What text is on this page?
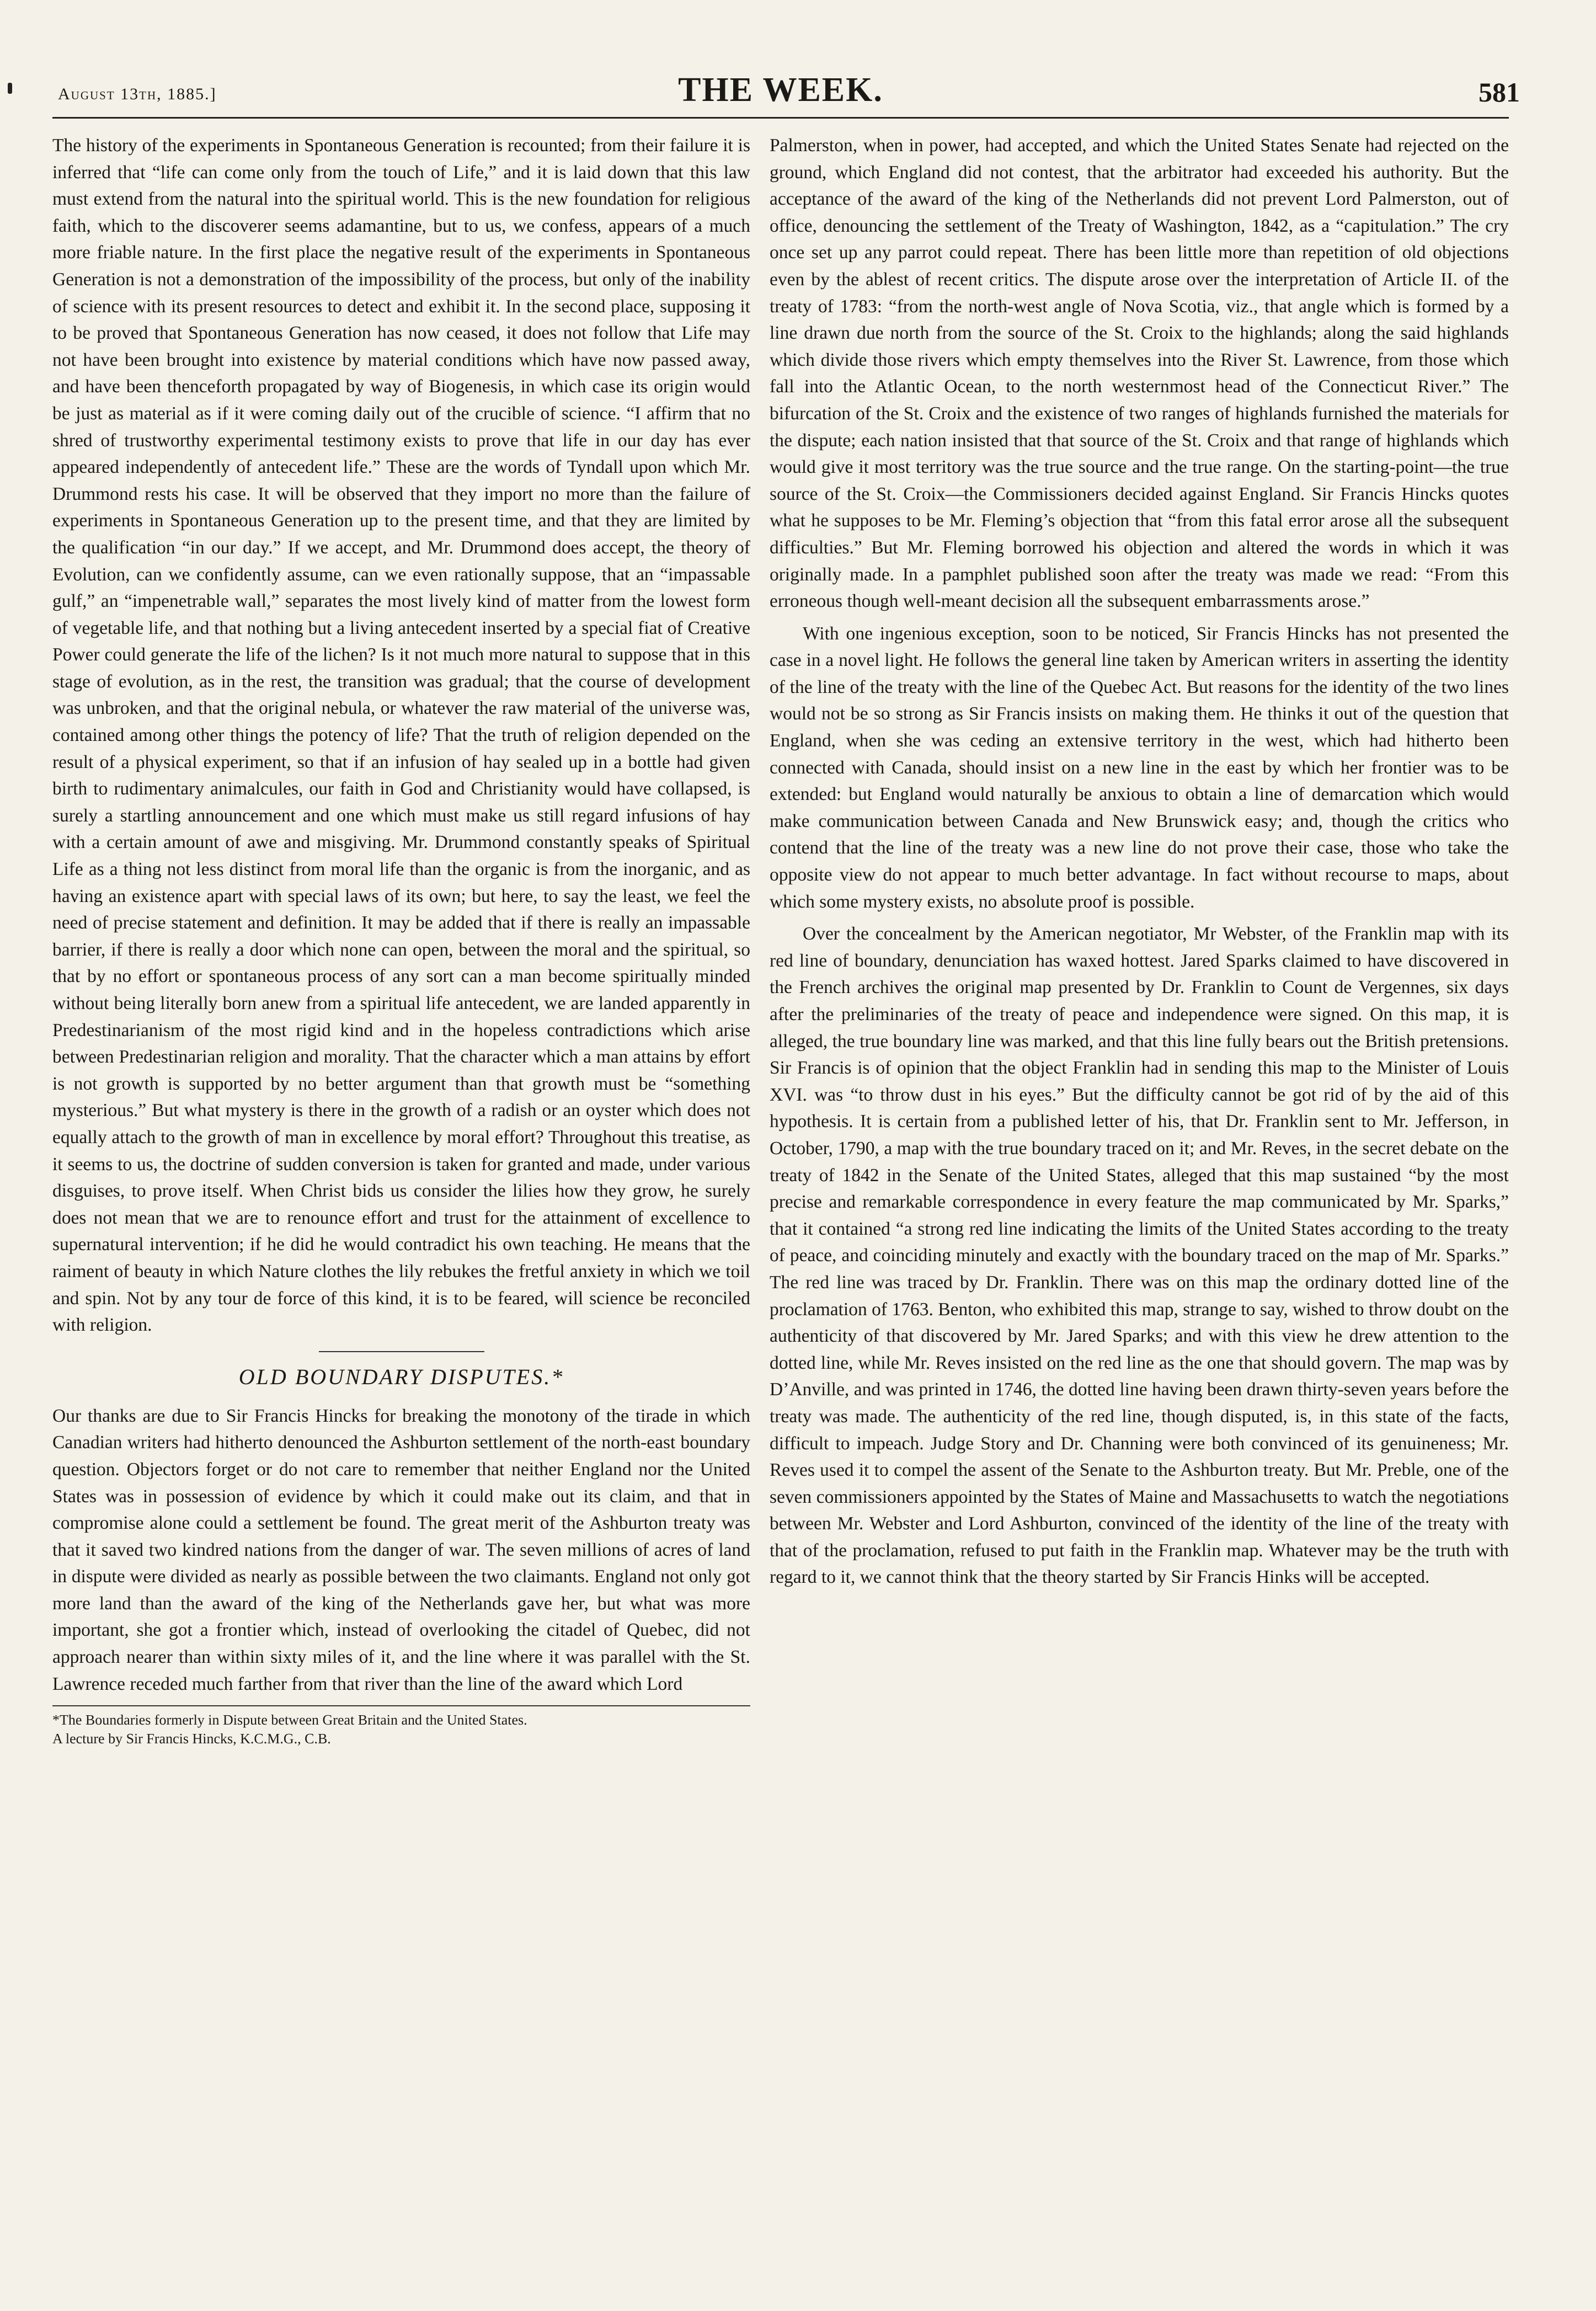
August 13th, 1885.]	THE WEEK.	581

The history of the experiments in Spontaneous Generation is recounted; from their failure it is inferred that “life can come only from the touch of Life,” and it is laid down that this law must extend from the natural into the spiritual world. This is the new foundation for religious faith, which to the discoverer seems adamantine, but to us, we confess, appears of a much more friable nature. In the first place the negative result of the experiments in Spontaneous Generation is not a demonstration of the impossibility of the process, but only of the inability of science with its present resources to detect and exhibit it. In the second place, supposing it to be proved that Spontaneous Generation has now ceased, it does not follow that Life may not have been brought into existence by material conditions which have now passed away, and have been thenceforth propagated by way of Biogenesis, in which case its origin would be just as material as if it were coming daily out of the crucible of science. “I affirm that no shred of trustworthy experimental testimony exists to prove that life in our day has ever appeared independently of antecedent life.” These are the words of Tyndall upon which Mr. Drummond rests his case. It will be observed that they import no more than the failure of experiments in Spontaneous Generation up to the present time, and that they are limited by the qualification “in our day.” If we accept, and Mr. Drummond does accept, the theory of Evolution, can we confidently assume, can we even rationally suppose, that an “impassable gulf,” an “impenetrable wall,” separates the most lively kind of matter from the lowest form of vegetable life, and that nothing but a living antecedent inserted by a special fiat of Creative Power could generate the life of the lichen? Is it not much more natural to suppose that in this stage of evolution, as in the rest, the transition was gradual; that the course of development was unbroken, and that the original nebula, or whatever the raw material of the universe was, contained among other things the potency of life? That the truth of religion depended on the result of a physical experiment, so that if an infusion of hay sealed up in a bottle had given birth to rudimentary animalcules, our faith in God and Christianity would have collapsed, is surely a startling announcement and one which must make us still regard infusions of hay with a certain amount of awe and misgiving. Mr. Drummond constantly speaks of Spiritual Life as a thing not less distinct from moral life than the organic is from the inorganic, and as having an existence apart with special laws of its own; but here, to say the least, we feel the need of precise statement and definition. It may be added that if there is really an impassable barrier, if there is really a door which none can open, between the moral and the spiritual, so that by no effort or spontaneous process of any sort can a man become spiritually minded without being literally born anew from a spiritual life antecedent, we are landed apparently in Predestinarianism of the most rigid kind and in the hopeless contradictions which arise between Predestinarian religion and morality. That the character which a man attains by effort is not growth is supported by no better argument than that growth must be “something mysterious.” But what mystery is there in the growth of a radish or an oyster which does not equally attach to the growth of man in excellence by moral effort? Throughout this treatise, as it seems to us, the doctrine of sudden conversion is taken for granted and made, under various disguises, to prove itself. When Christ bids us consider the lilies how they grow, he surely does not mean that we are to renounce effort and trust for the attainment of excellence to supernatural intervention; if he did he would contradict his own teaching. He means that the raiment of beauty in which Nature clothes the lily rebukes the fretful anxiety in which we toil and spin. Not by any tour de force of this kind, it is to be feared, will science be reconciled with religion.

OLD BOUNDARY DISPUTES.*

Our thanks are due to Sir Francis Hincks for breaking the monotony of the tirade in which Canadian writers had hitherto denounced the Ashburton settlement of the north-east boundary question. Objectors forget or do not care to remember that neither England nor the United States was in possession of evidence by which it could make out its claim, and that in compromise alone could a settlement be found. The great merit of the Ashburton treaty was that it saved two kindred nations from the danger of war. The seven millions of acres of land in dispute were divided as nearly as possible between the two claimants. England not only got more land than the award of the king of the Netherlands gave her, but what was more important, she got a frontier which, instead of overlooking the citadel of Quebec, did not approach nearer than within sixty miles of it, and the line where it was parallel with the St. Lawrence receded much farther from that river than the line of the award which Lord

*The Boundaries formerly in Dispute between Great Britain and the United States.
A lecture by Sir Francis Hincks, K.C.M.G., C.B.

Palmerston, when in power, had accepted, and which the United States Senate had rejected on the ground, which England did not contest, that the arbitrator had exceeded his authority. But the acceptance of the award of the king of the Netherlands did not prevent Lord Palmerston, out of office, denouncing the settlement of the Treaty of Washington, 1842, as a “capitulation.” The cry once set up any parrot could repeat. There has been little more than repetition of old objections even by the ablest of recent critics. The dispute arose over the interpretation of Article II. of the treaty of 1783: “from the north-west angle of Nova Scotia, viz., that angle which is formed by a line drawn due north from the source of the St. Croix to the highlands; along the said highlands which divide those rivers which empty themselves into the River St. Lawrence, from those which fall into the Atlantic Ocean, to the north westernmost head of the Connecticut River.” The bifurcation of the St. Croix and the existence of two ranges of highlands furnished the materials for the dispute; each nation insisted that that source of the St. Croix and that range of highlands which would give it most territory was the true source and the true range. On the starting-point—the true source of the St. Croix—the Commissioners decided against England. Sir Francis Hincks quotes what he supposes to be Mr. Fleming’s objection that “from this fatal error arose all the subsequent difficulties.” But Mr. Fleming borrowed his objection and altered the words in which it was originally made. In a pamphlet published soon after the treaty was made we read: “From this erroneous though well-meant decision all the subsequent embarrassments arose.”

With one ingenious exception, soon to be noticed, Sir Francis Hincks has not presented the case in a novel light. He follows the general line taken by American writers in asserting the identity of the line of the treaty with the line of the Quebec Act. But reasons for the identity of the two lines would not be so strong as Sir Francis insists on making them. He thinks it out of the question that England, when she was ceding an extensive territory in the west, which had hitherto been connected with Canada, should insist on a new line in the east by which her frontier was to be extended: but England would naturally be anxious to obtain a line of demarcation which would make communication between Canada and New Brunswick easy; and, though the critics who contend that the line of the treaty was a new line do not prove their case, those who take the opposite view do not appear to much better advantage. In fact without recourse to maps, about which some mystery exists, no absolute proof is possible.

Over the concealment by the American negotiator, Mr Webster, of the Franklin map with its red line of boundary, denunciation has waxed hottest. Jared Sparks claimed to have discovered in the French archives the original map presented by Dr. Franklin to Count de Vergennes, six days after the preliminaries of the treaty of peace and independence were signed. On this map, it is alleged, the true boundary line was marked, and that this line fully bears out the British pretensions. Sir Francis is of opinion that the object Franklin had in sending this map to the Minister of Louis XVI. was “to throw dust in his eyes.” But the difficulty cannot be got rid of by the aid of this hypothesis. It is certain from a published letter of his, that Dr. Franklin sent to Mr. Jefferson, in October, 1790, a map with the true boundary traced on it; and Mr. Reves, in the secret debate on the treaty of 1842 in the Senate of the United States, alleged that this map sustained “by the most precise and remarkable correspondence in every feature the map communicated by Mr. Sparks,” that it contained “a strong red line indicating the limits of the United States according to the treaty of peace, and coinciding minutely and exactly with the boundary traced on the map of Mr. Sparks.” The red line was traced by Dr. Franklin. There was on this map the ordinary dotted line of the proclamation of 1763. Benton, who exhibited this map, strange to say, wished to throw doubt on the authenticity of that discovered by Mr. Jared Sparks; and with this view he drew attention to the dotted line, while Mr. Reves insisted on the red line as the one that should govern. The map was by D’Anville, and was printed in 1746, the dotted line having been drawn thirty-seven years before the treaty was made. The authenticity of the red line, though disputed, is, in this state of the facts, difficult to impeach. Judge Story and Dr. Channing were both convinced of its genuineness; Mr. Reves used it to compel the assent of the Senate to the Ashburton treaty. But Mr. Preble, one of the seven commissioners appointed by the States of Maine and Massachusetts to watch the negotiations between Mr. Webster and Lord Ashburton, convinced of the identity of the line of the treaty with that of the proclamation, refused to put faith in the Franklin map. Whatever may be the truth with regard to it, we cannot think that the theory started by Sir Francis Hinks will be accepted.
